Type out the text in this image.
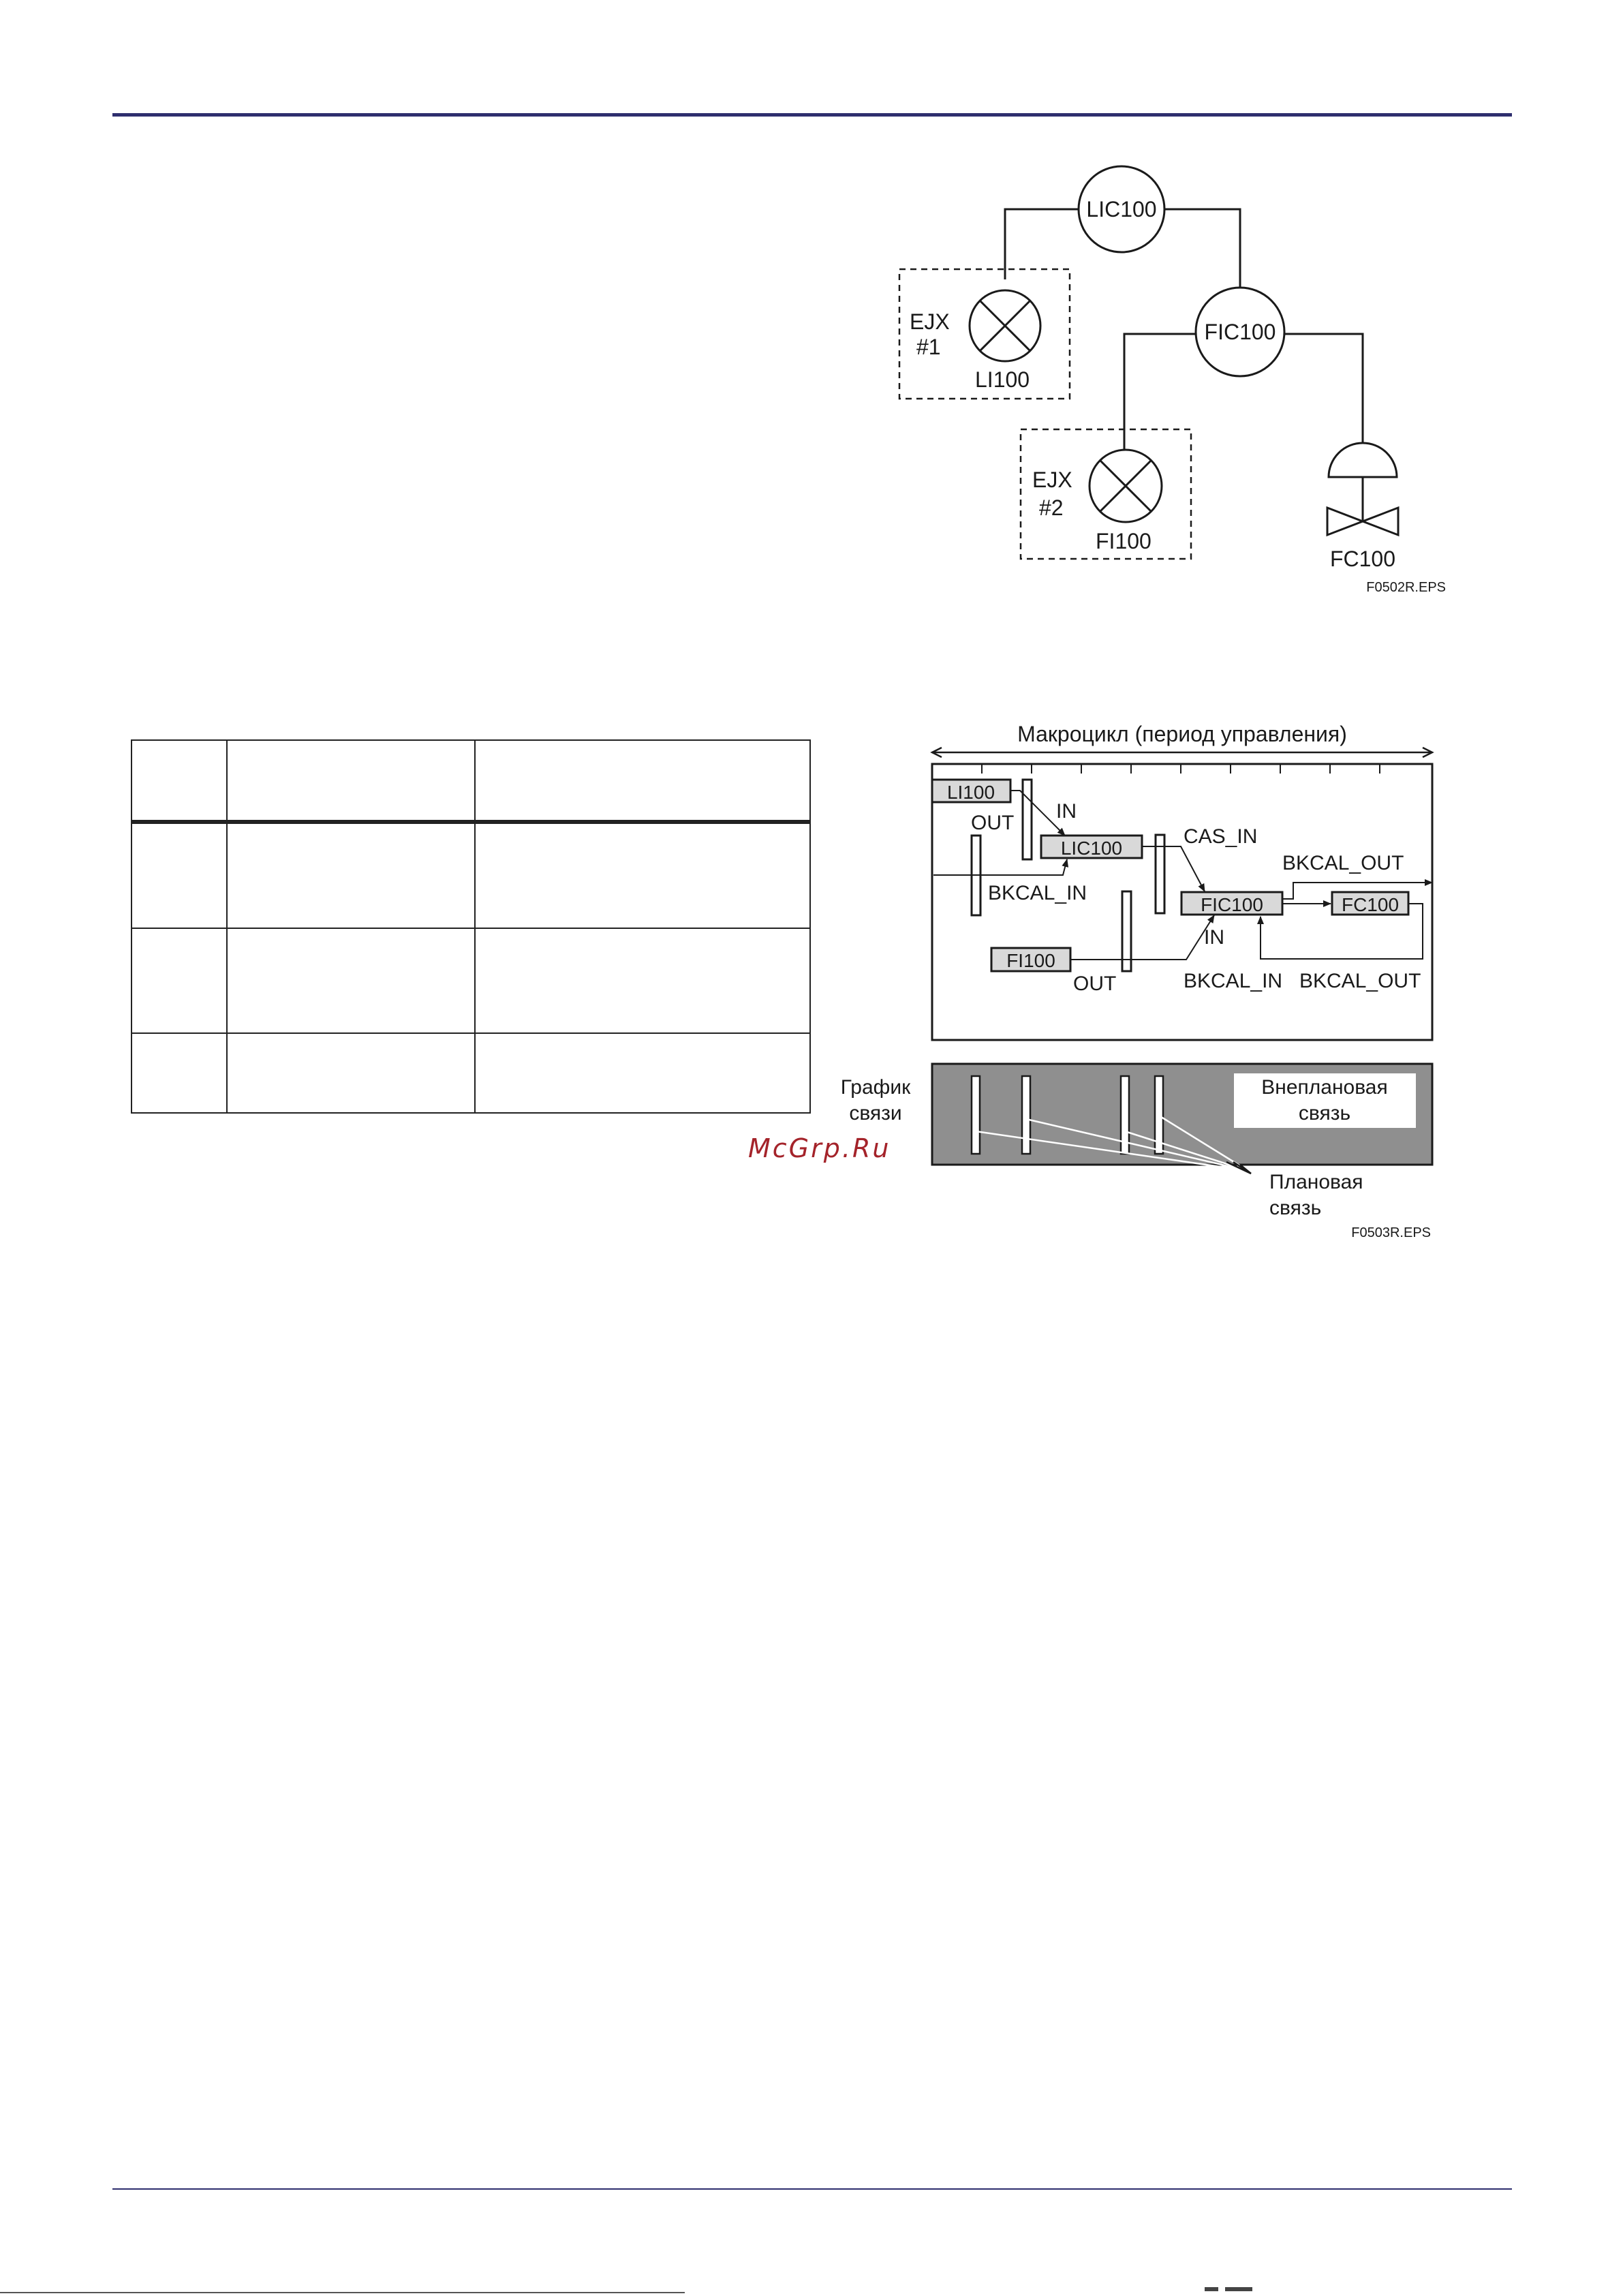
LIC100
FIC100
EJX
#1
LI100
EJX
#2
FI100
FC100
F0502R.EPS
Макроцикл (период управления)
LI100
LIC100
FIC100	FC100
FI100
OUT
IN
CAS_IN
BKCAL_OUT
BKCAL_IN
IN
OUT	BKCAL_IN BKCAL_OUT
График
связи
Внеплановая
связь
Плановая
связь
F0503R.EPS

McGrp.Ru
